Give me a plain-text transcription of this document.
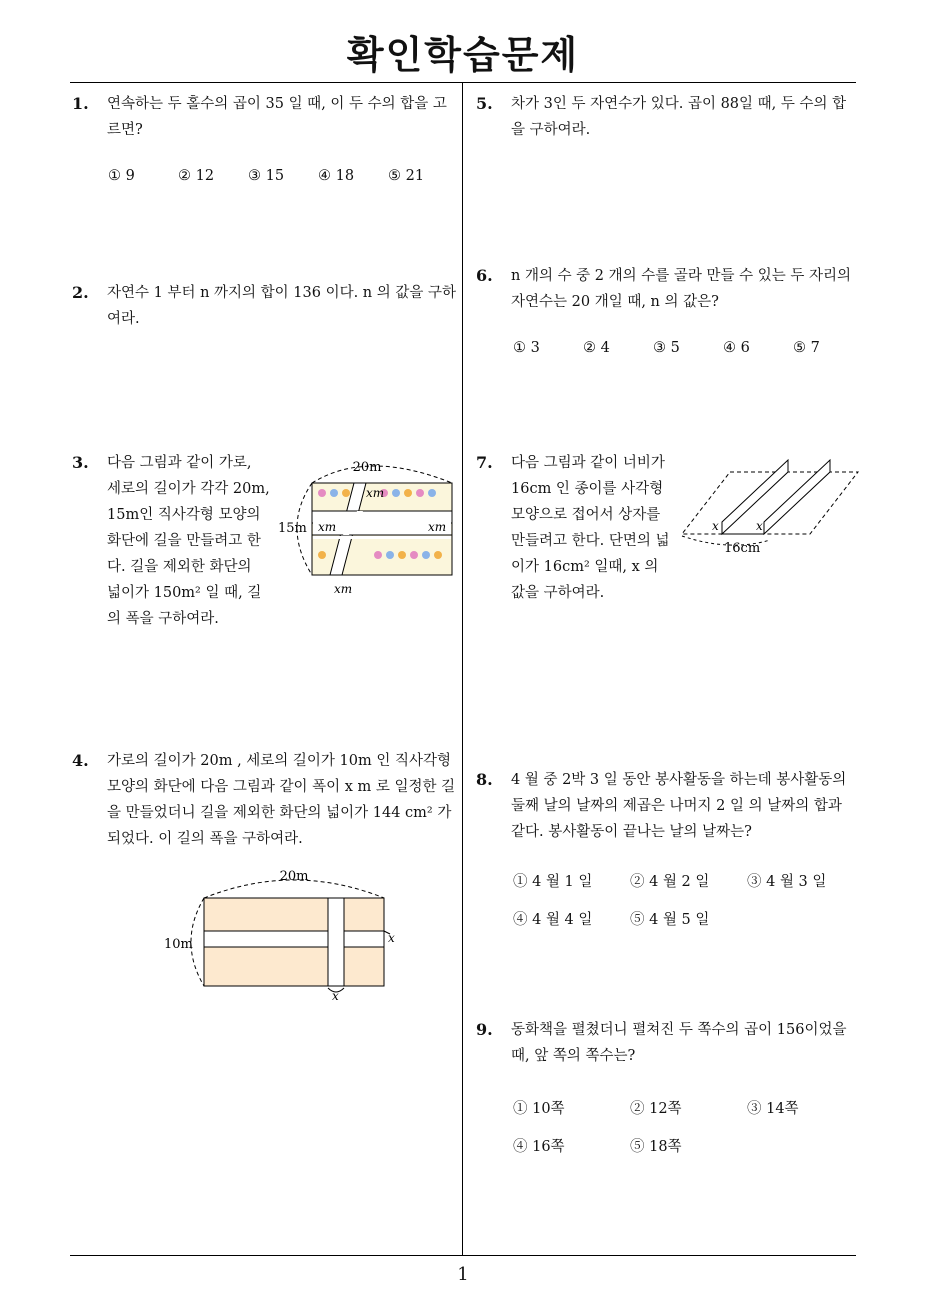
확인학습문제
1
1. 연속하는 두 홀수의 곱이 35 일 때, 이 두 수의 합을 고르면?
① 9	② 12 ③ 15 ④ 18 ⑤ 21
2. 자연수 1 부터 n 까지의 합이 136 이다. n 의 값을 구하여라.
3. 다음 그림과 같이 가로, 세로의 길이가 각각 20m, 15m인 직사각형 모양의 화단에 길을 만들려고 한다. 길을 제외한 화단의 넓이가 150m² 일 때, 길의 폭을 구하여라.
20m
15m
xm
xm	xm
xm
4. 가로의 길이가 20m , 세로의 길이가 10m 인 직사각형 모양의 화단에 다음 그림과 같이 폭이 x m 로 일정한 길을 만들었더니 길을 제외한 화단의 넓이가 144 cm² 가 되었다. 이 길의 폭을 구하여라.
20m
10m	x
x
5. 차가 3인 두 자연수가 있다. 곱이 88일 때, 두 수의 합을 구하여라.
6. n 개의 수 중 2 개의 수를 골라 만들 수 있는 두 자리의 자연수는 20 개일 때, n 의 값은?
① 3	② 4	③ 5	④ 6	⑤ 7
7. 다음 그림과 같이 너비가 16cm 인 종이를 사각형 모양으로 접어서 상자를 만들려고 한다. 단면의 넓이가 16cm² 일때, x 의 값을 구하여라.
x	x
16cm
8. 4 월 중 2박 3 일 동안 봉사활동을 하는데 봉사활동의 둘째 날의 날짜의 제곱은 나머지 2 일 의 날짜의 합과 같다. 봉사활동이 끝나는 날의 날짜는?
① 4 월 1 일	② 4 월 2 일	③ 4 월 3 일
④ 4 월 4 일	⑤ 4 월 5 일
9. 동화책을 펼쳤더니 펼쳐진 두 쪽수의 곱이 156이었을 때, 앞 쪽의 쪽수는?
① 10쪽	② 12쪽	③ 14쪽
④ 16쪽	⑤ 18쪽
